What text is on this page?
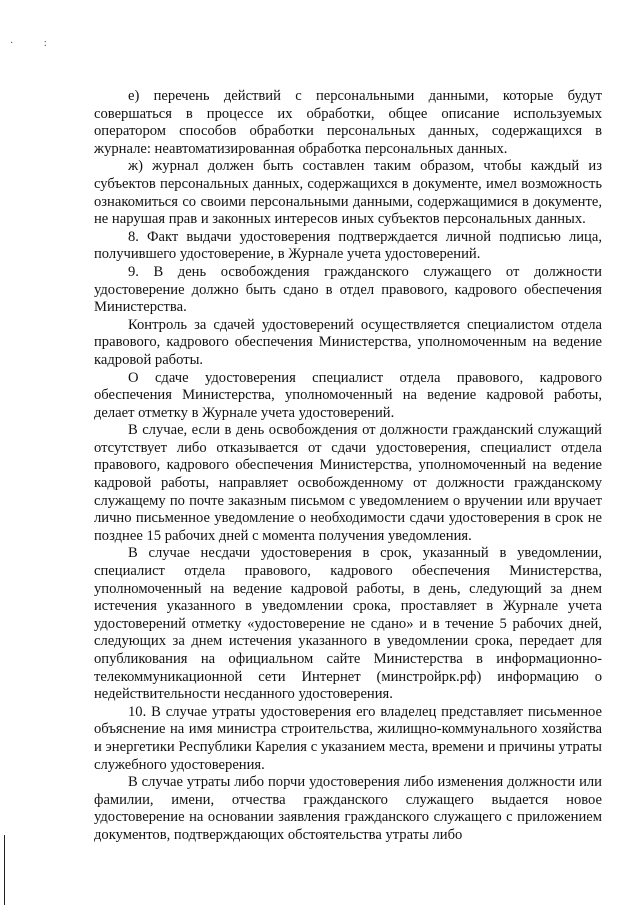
· :

е) перечень действий с персональными данными, которые будут совершаться в процессе их обработки, общее описание используемых оператором способов обработки персональных данных, содержащихся в журнале: неавтоматизированная обработка персональных данных.

ж) журнал должен быть составлен таким образом, чтобы каждый из субъектов персональных данных, содержащихся в документе, имел возможность ознакомиться со своими персональными данными, содержащимися в документе, не нарушая прав и законных интересов иных субъектов персональных данных.

8. Факт выдачи удостоверения подтверждается личной подписью лица, получившего удостоверение, в Журнале учета удостоверений.

9. В день освобождения гражданского служащего от должности удостоверение должно быть сдано в отдел правового, кадрового обеспечения Министерства.

Контроль за сдачей удостоверений осуществляется специалистом отдела правового, кадрового обеспечения Министерства, уполномоченным на ведение кадровой работы.

О сдаче удостоверения специалист отдела правового, кадрового обеспечения Министерства, уполномоченный на ведение кадровой работы, делает отметку в Журнале учета удостоверений.

В случае, если в день освобождения от должности гражданский служащий отсутствует либо отказывается от сдачи удостоверения, специалист отдела правового, кадрового обеспечения Министерства, уполномоченный на ведение кадровой работы, направляет освобожденному от должности гражданскому служащему по почте заказным письмом с уведомлением о вручении или вручает лично письменное уведомление о необходимости сдачи удостоверения в срок не позднее 15 рабочих дней с момента получения уведомления.

В случае несдачи удостоверения в срок, указанный в уведомлении, специалист отдела правового, кадрового обеспечения Министерства, уполномоченный на ведение кадровой работы, в день, следующий за днем истечения указанного в уведомлении срока, проставляет в Журнале учета удостоверений отметку «удостоверение не сдано» и в течение 5 рабочих дней, следующих за днем истечения указанного в уведомлении срока, передает для опубликования на официальном сайте Министерства в информационно-телекоммуникационной сети Интернет (минстройрк.рф) информацию о недействительности несданного удостоверения.

10. В случае утраты удостоверения его владелец представляет письменное объяснение на имя министра строительства, жилищно-коммунального хозяйства и энергетики Республики Карелия с указанием места, времени и причины утраты служебного удостоверения.

В случае утраты либо порчи удостоверения либо изменения должности или фамилии, имени, отчества гражданского служащего выдается новое удостоверение на основании заявления гражданского служащего с приложением документов, подтверждающих обстоятельства утраты либо
